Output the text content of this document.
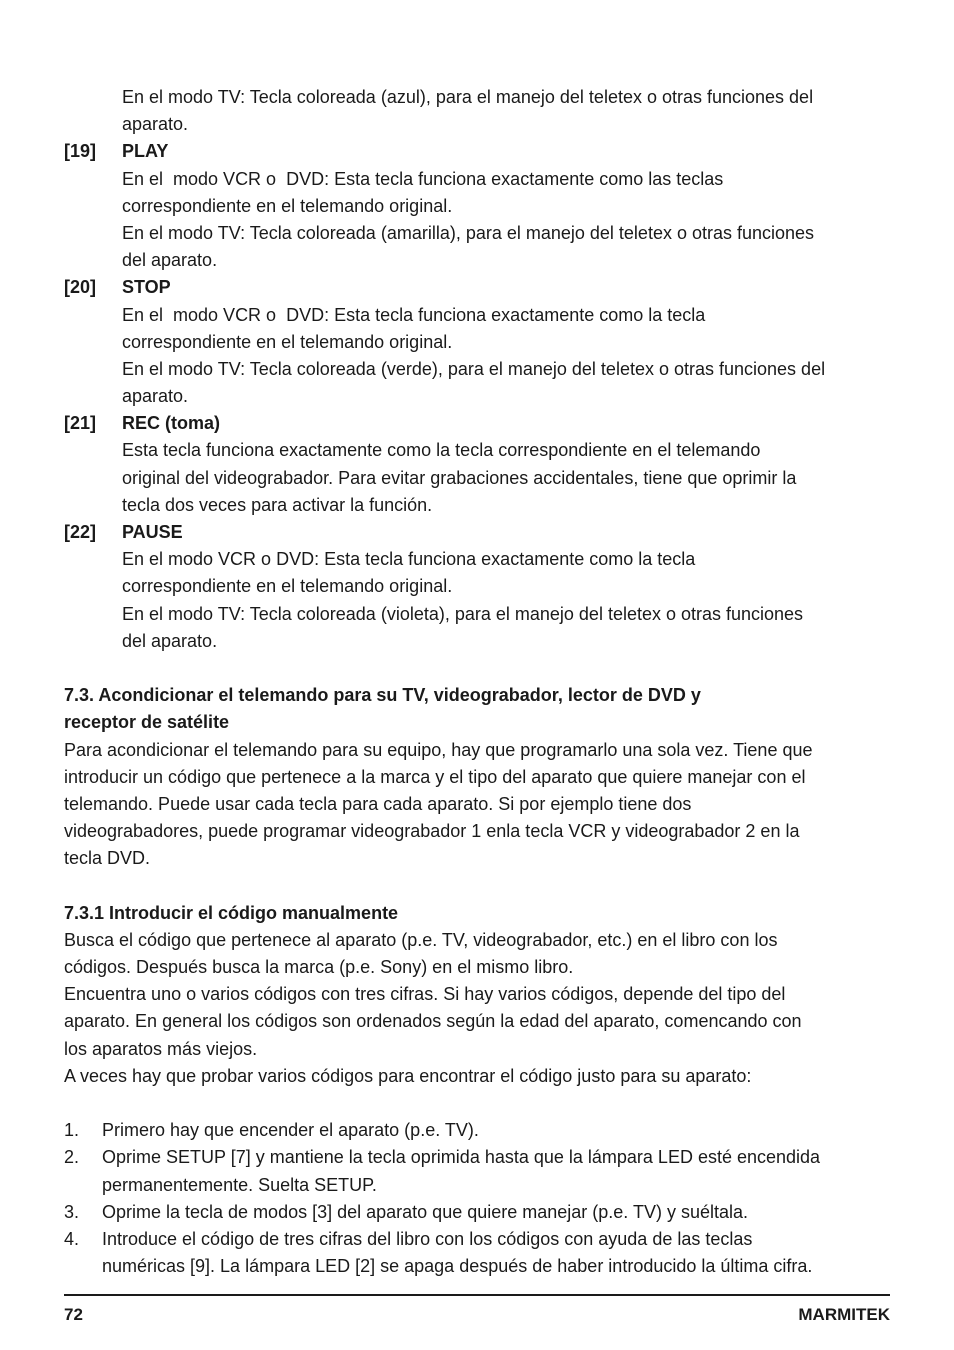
En el modo TV: Tecla coloreada (azul), para el manejo del teletex o otras funciones del
aparato.
[19] PLAY
En el  modo VCR o  DVD: Esta tecla funciona exactamente como las teclas
correspondiente en el telemando original.
En el modo TV: Tecla coloreada (amarilla), para el manejo del teletex o otras funciones
del aparato.
[20] STOP
En el  modo VCR o  DVD: Esta tecla funciona exactamente como la tecla
correspondiente en el telemando original.
En el modo TV: Tecla coloreada (verde), para el manejo del teletex o otras funciones del
aparato.
[21] REC (toma)
Esta tecla funciona exactamente como la tecla correspondiente en el telemando
original del videograbador. Para evitar grabaciones accidentales, tiene que oprimir la
tecla dos veces para activar la función.
[22] PAUSE
En el modo VCR o DVD: Esta tecla funciona exactamente como la tecla
correspondiente en el telemando original.
En el modo TV: Tecla coloreada (violeta), para el manejo del teletex o otras funciones
del aparato.
7.3. Acondicionar el telemando para su TV, videograbador, lector de DVD y
receptor de satélite
Para acondicionar el telemando para su equipo, hay que programarlo una sola vez. Tiene que
introducir un código que pertenece a la marca y el tipo del aparato que quiere manejar con el
telemando. Puede usar cada tecla para cada aparato. Si por ejemplo tiene dos
videograbadores, puede programar videograbador 1 enla tecla VCR y videograbador 2 en la
tecla DVD.
7.3.1 Introducir el código manualmente
Busca el código que pertenece al aparato (p.e. TV, videograbador, etc.) en el libro con los
códigos. Después busca la marca (p.e. Sony) en el mismo libro.
Encuentra uno o varios códigos con tres cifras. Si hay varios códigos, depende del tipo del
aparato. En general los códigos son ordenados según la edad del aparato, comencando con
los aparatos más viejos.
A veces hay que probar varios códigos para encontrar el código justo para su aparato:
1. Primero hay que encender el aparato (p.e. TV).
2. Oprime SETUP [7] y mantiene la tecla oprimida hasta que la lámpara LED esté encendida
permanentemente. Suelta SETUP.
3. Oprime la tecla de modos [3] del aparato que quiere manejar (p.e. TV) y suéltala.
4. Introduce el código de tres cifras del libro con los códigos con ayuda de las teclas
numéricas [9]. La lámpara LED [2] se apaga después de haber introducido la última cifra.
72	MARMITEK
